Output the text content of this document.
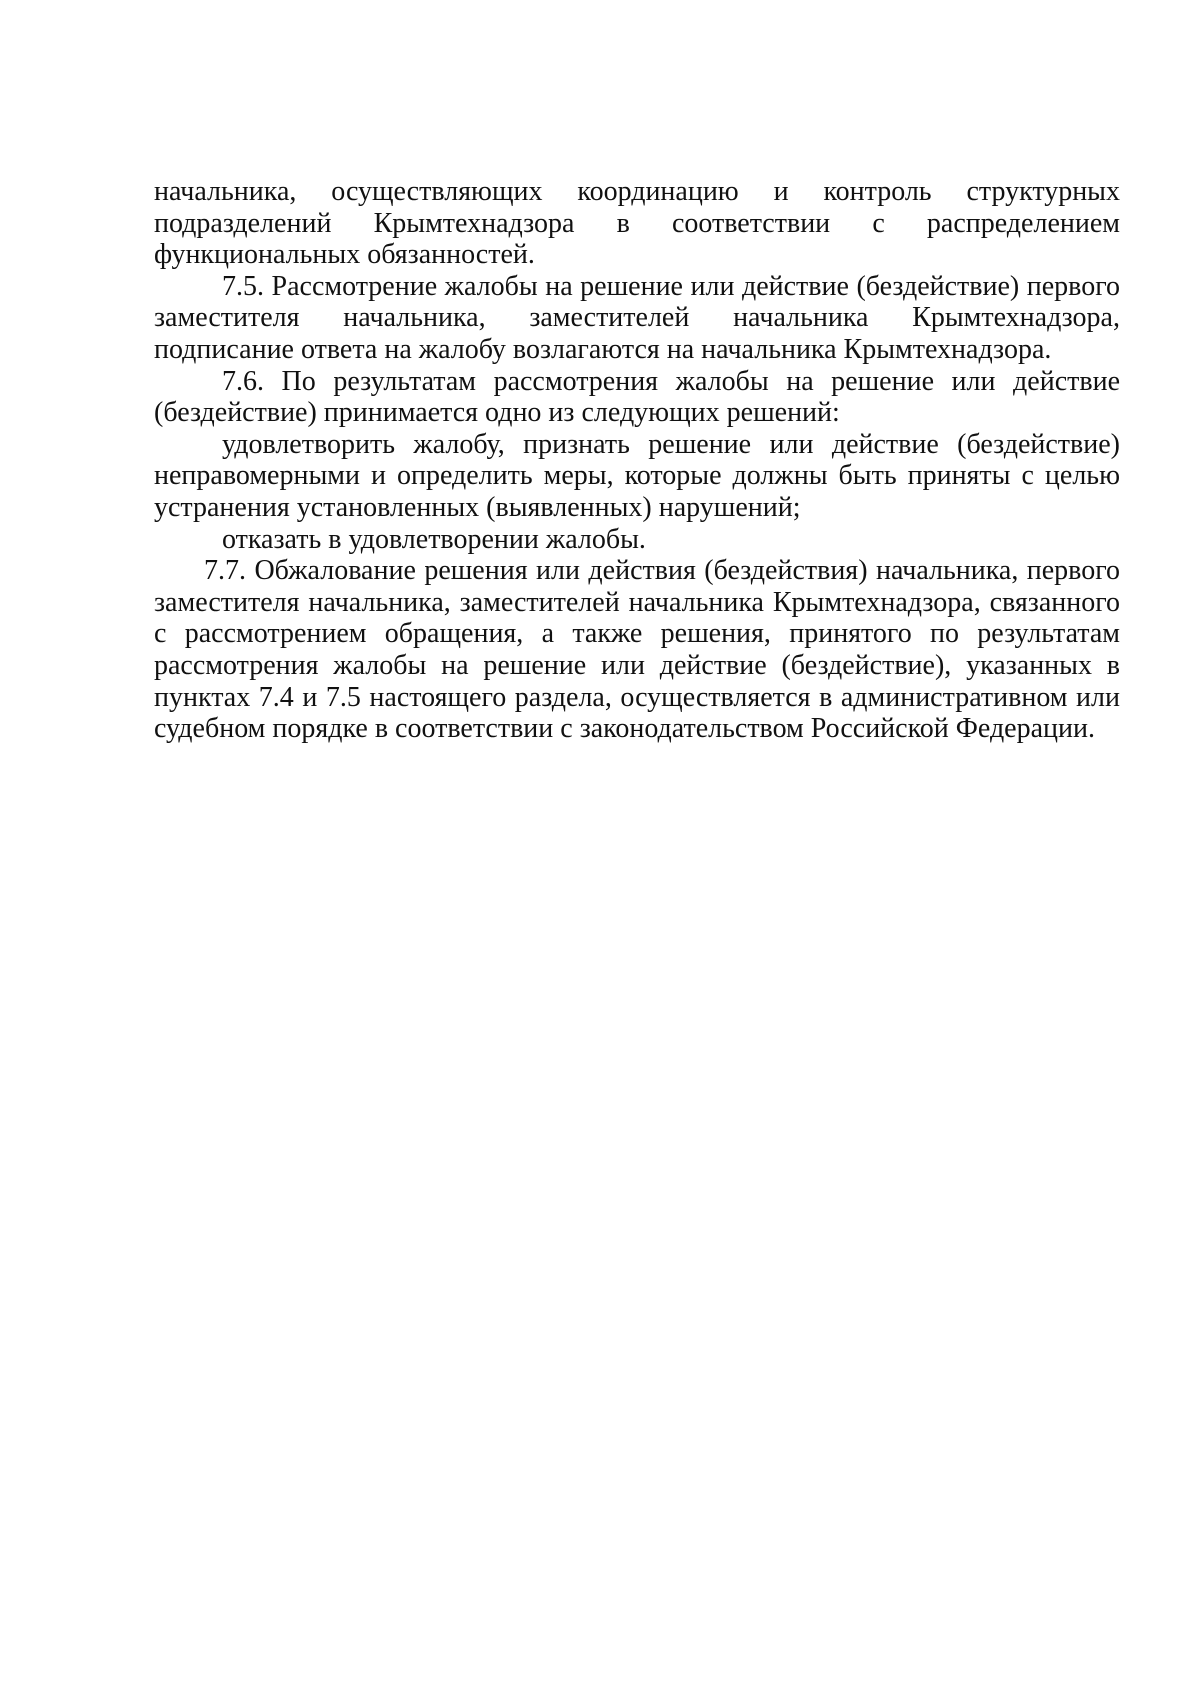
начальника, осуществляющих координацию и контроль структурных подразделений Крымтехнадзора в соответствии с распределением функциональных обязанностей.

7.5. Рассмотрение жалобы на решение или действие (бездействие) первого заместителя начальника, заместителей начальника Крымтехнадзора, подписание ответа на жалобу возлагаются на начальника Крымтехнадзора.

7.6. По результатам рассмотрения жалобы на решение или действие (бездействие) принимается одно из следующих решений:

удовлетворить жалобу, признать решение или действие (бездействие) неправомерными и определить меры, которые должны быть приняты с целью устранения установленных (выявленных) нарушений;

отказать в удовлетворении жалобы.

7.7. Обжалование решения или действия (бездействия) начальника, первого заместителя начальника, заместителей начальника Крымтехнадзора, связанного с рассмотрением обращения, а также решения, принятого по результатам рассмотрения жалобы на решение или действие (бездействие), указанных в пунктах 7.4 и 7.5 настоящего раздела, осуществляется в административном или судебном порядке в соответствии с законодательством Российской Федерации.
